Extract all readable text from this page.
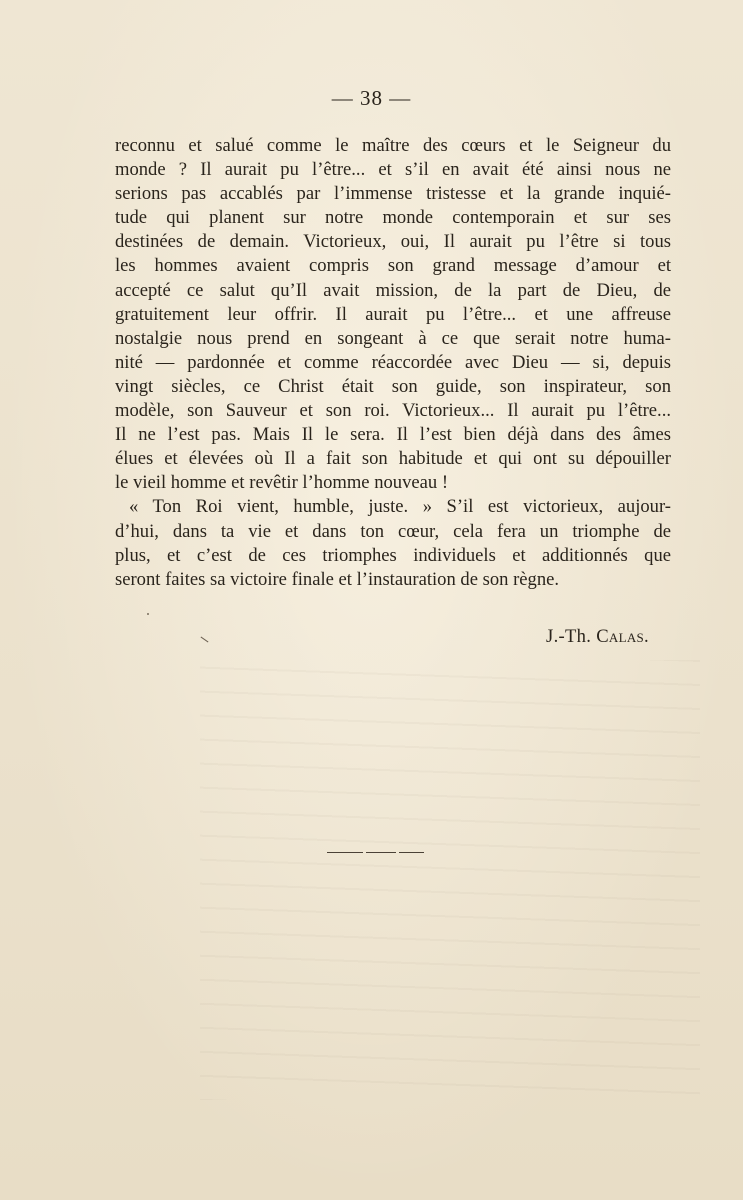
— 38 —
reconnu et salué comme le maître des cœurs et le Seigneur du
monde ? Il aurait pu l’être... et s’il en avait été ainsi nous ne
serions pas accablés par l’immense tristesse et la grande inquié-
tude qui planent sur notre monde contemporain et sur ses
destinées de demain. Victorieux, oui, Il aurait pu l’être si tous
les hommes avaient compris son grand message d’amour et
accepté ce salut qu’Il avait mission, de la part de Dieu, de
gratuitement leur offrir. Il aurait pu l’être... et une affreuse
nostalgie nous prend en songeant à ce que serait notre huma-
nité — pardonnée et comme réaccordée avec Dieu — si, depuis
vingt siècles, ce Christ était son guide, son inspirateur, son
modèle, son Sauveur et son roi. Victorieux... Il aurait pu l’être...
Il ne l’est pas. Mais Il le sera. Il l’est bien déjà dans des âmes
élues et élevées où Il a fait son habitude et qui ont su dépouiller
le vieil homme et revêtir l’homme nouveau !
« Ton Roi vient, humble, juste. » S’il est victorieux, aujour-
d’hui, dans ta vie et dans ton cœur, cela fera un triomphe de
plus, et c’est de ces triomphes individuels et additionnés que
seront faites sa victoire finale et l’instauration de son règne.
J.-Th. Calas.
